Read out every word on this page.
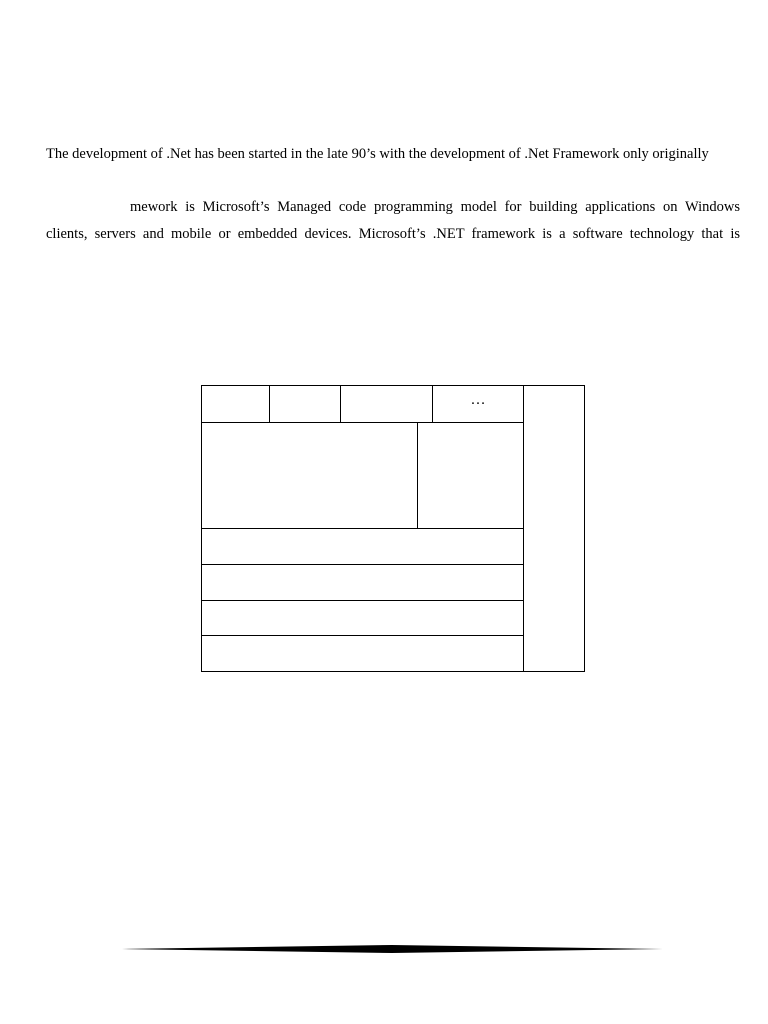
The development of .Net has been started in the late 90’s with the development of .Net Framework only originally
mework is Microsoft’s Managed code programming model for building applications on Windows
clients, servers and mobile or embedded devices. Microsoft’s .NET framework is a software technology that is
…
